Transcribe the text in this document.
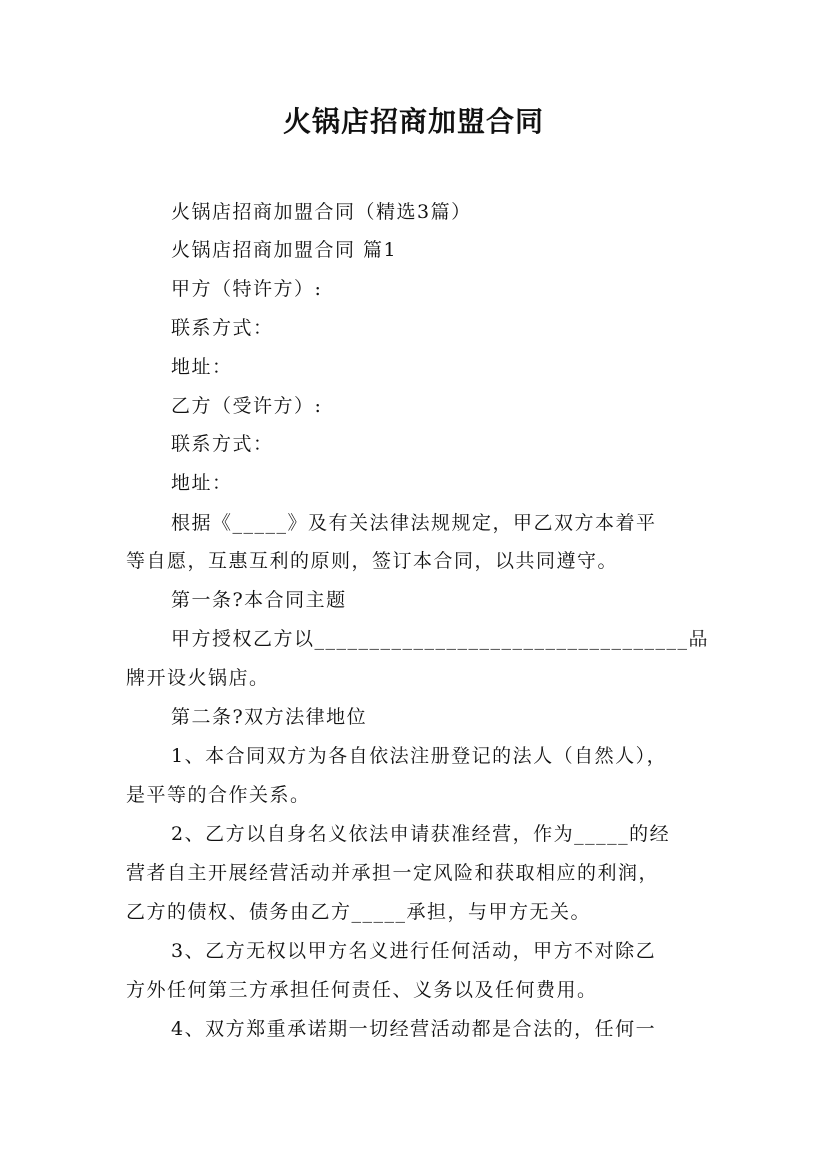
火锅店招商加盟合同
火锅店招商加盟合同（精选3篇）
火锅店招商加盟合同 篇1
甲方（特许方）:
联系方式：
地址：
乙方（受许方）:
联系方式：
地址：
根据《_____》及有关法律法规规定，甲乙双方本着平
等自愿，互惠互利的原则，签订本合同，以共同遵守。
第一条?本合同主题
甲方授权乙方以__________________________________品
牌开设火锅店。
第二条?双方法律地位
1、本合同双方为各自依法注册登记的法人（自然人），
是平等的合作关系。
2、乙方以自身名义依法申请获准经营，作为_____的经
营者自主开展经营活动并承担一定风险和获取相应的利润，
乙方的债权、债务由乙方_____承担，与甲方无关。
3、乙方无权以甲方名义进行任何活动，甲方不对除乙
方外任何第三方承担任何责任、义务以及任何费用。
4、双方郑重承诺期一切经营活动都是合法的，任何一
